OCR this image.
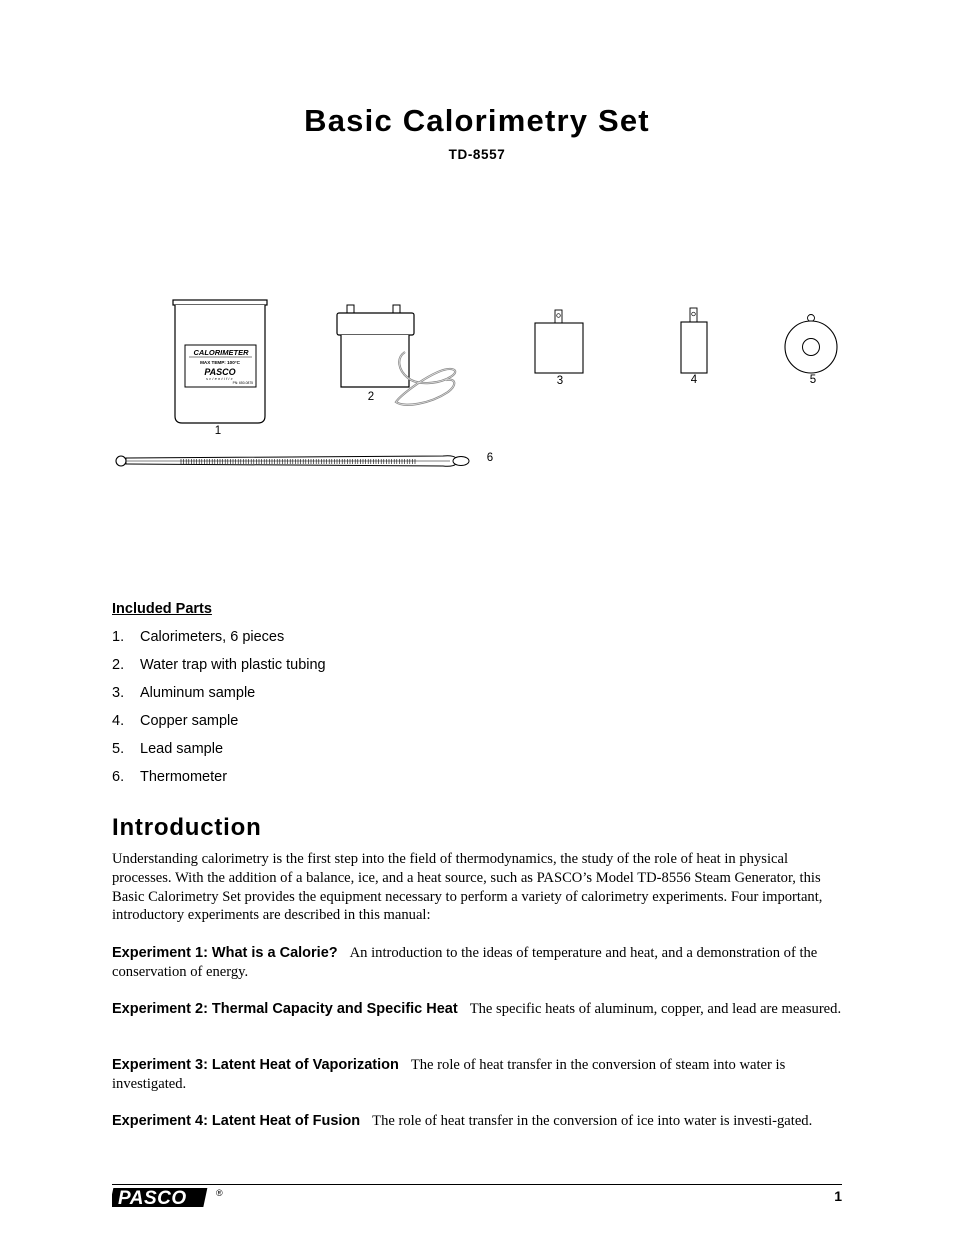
Basic Calorimetry Set
TD-8557
CALORIMETER
MAX TEMP: 100°C
PASCO
scientific
PN: 650-0875
1
2
3	4	5
6
Included Parts
1. Calorimeters, 6 pieces
2. Water trap with plastic tubing
3. Aluminum sample
4. Copper sample
5. Lead sample
6. Thermometer
Introduction

Understanding calorimetry is the first step into the field of thermodynamics, the study of the role of heat in physical processes. With the addition of a balance, ice, and a heat source, such as PASCO’s Model TD-8556 Steam Generator, this Basic Calorimetry Set provides the equipment necessary to perform a variety of calorimetry experiments. Four important, introductory experiments are described in this manual:

Experiment 1: What is a Calorie? An introduction to the ideas of temperature and heat, and a demonstration of the conservation of energy.

Experiment 2: Thermal Capacity and Specific Heat The specific heats of aluminum, copper, and lead are measured.

Experiment 3: Latent Heat of Vaporization The role of heat transfer in the conversion of steam into water is investigated.

Experiment 4: Latent Heat of Fusion The role of heat transfer in the conversion of ice into water is investi-gated.

PASCO	®	1
